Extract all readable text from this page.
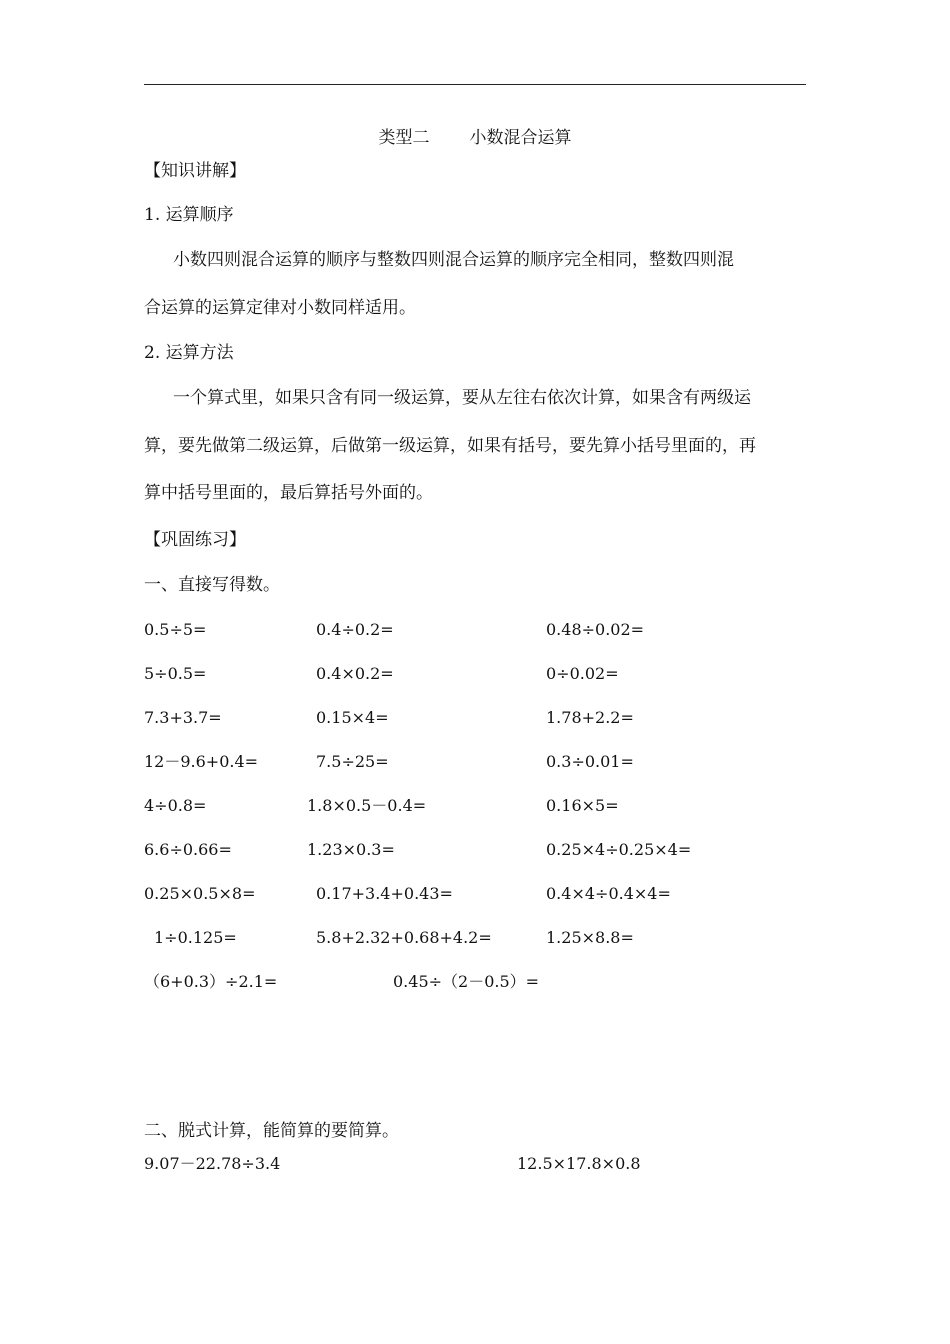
类型二 小数混合运算
【知识讲解】
1. 运算顺序
小数四则混合运算的顺序与整数四则混合运算的顺序完全相同，整数四则混
合运算的运算定律对小数同样适用。
2. 运算方法
一个算式里，如果只含有同一级运算，要从左往右依次计算，如果含有两级运
算，要先做第二级运算，后做第一级运算，如果有括号，要先算小括号里面的，再
算中括号里面的，最后算括号外面的。
【巩固练习】
一、直接写得数。
0.5÷5=	0.4÷0.2=	0.48÷0.02=
5÷0.5=	0.4×0.2=	0÷0.02=
7.3+3.7=	0.15×4=	1.78+2.2=
12－9.6+0.4=	7.5÷25=	0.3÷0.01=
4÷0.8=	1.8×0.5－0.4=	0.16×5=
6.6÷0.66=	1.23×0.3=	0.25×4÷0.25×4=
0.25×0.5×8=	0.17+3.4+0.43=	0.4×4÷0.4×4=
1÷0.125=	5.8+2.32+0.68+4.2=	1.25×8.8=
（6+0.3）÷2.1=	0.45÷（2－0.5）=
二、脱式计算，能简算的要简算。
9.07－22.78÷3.4	12.5×17.8×0.8
